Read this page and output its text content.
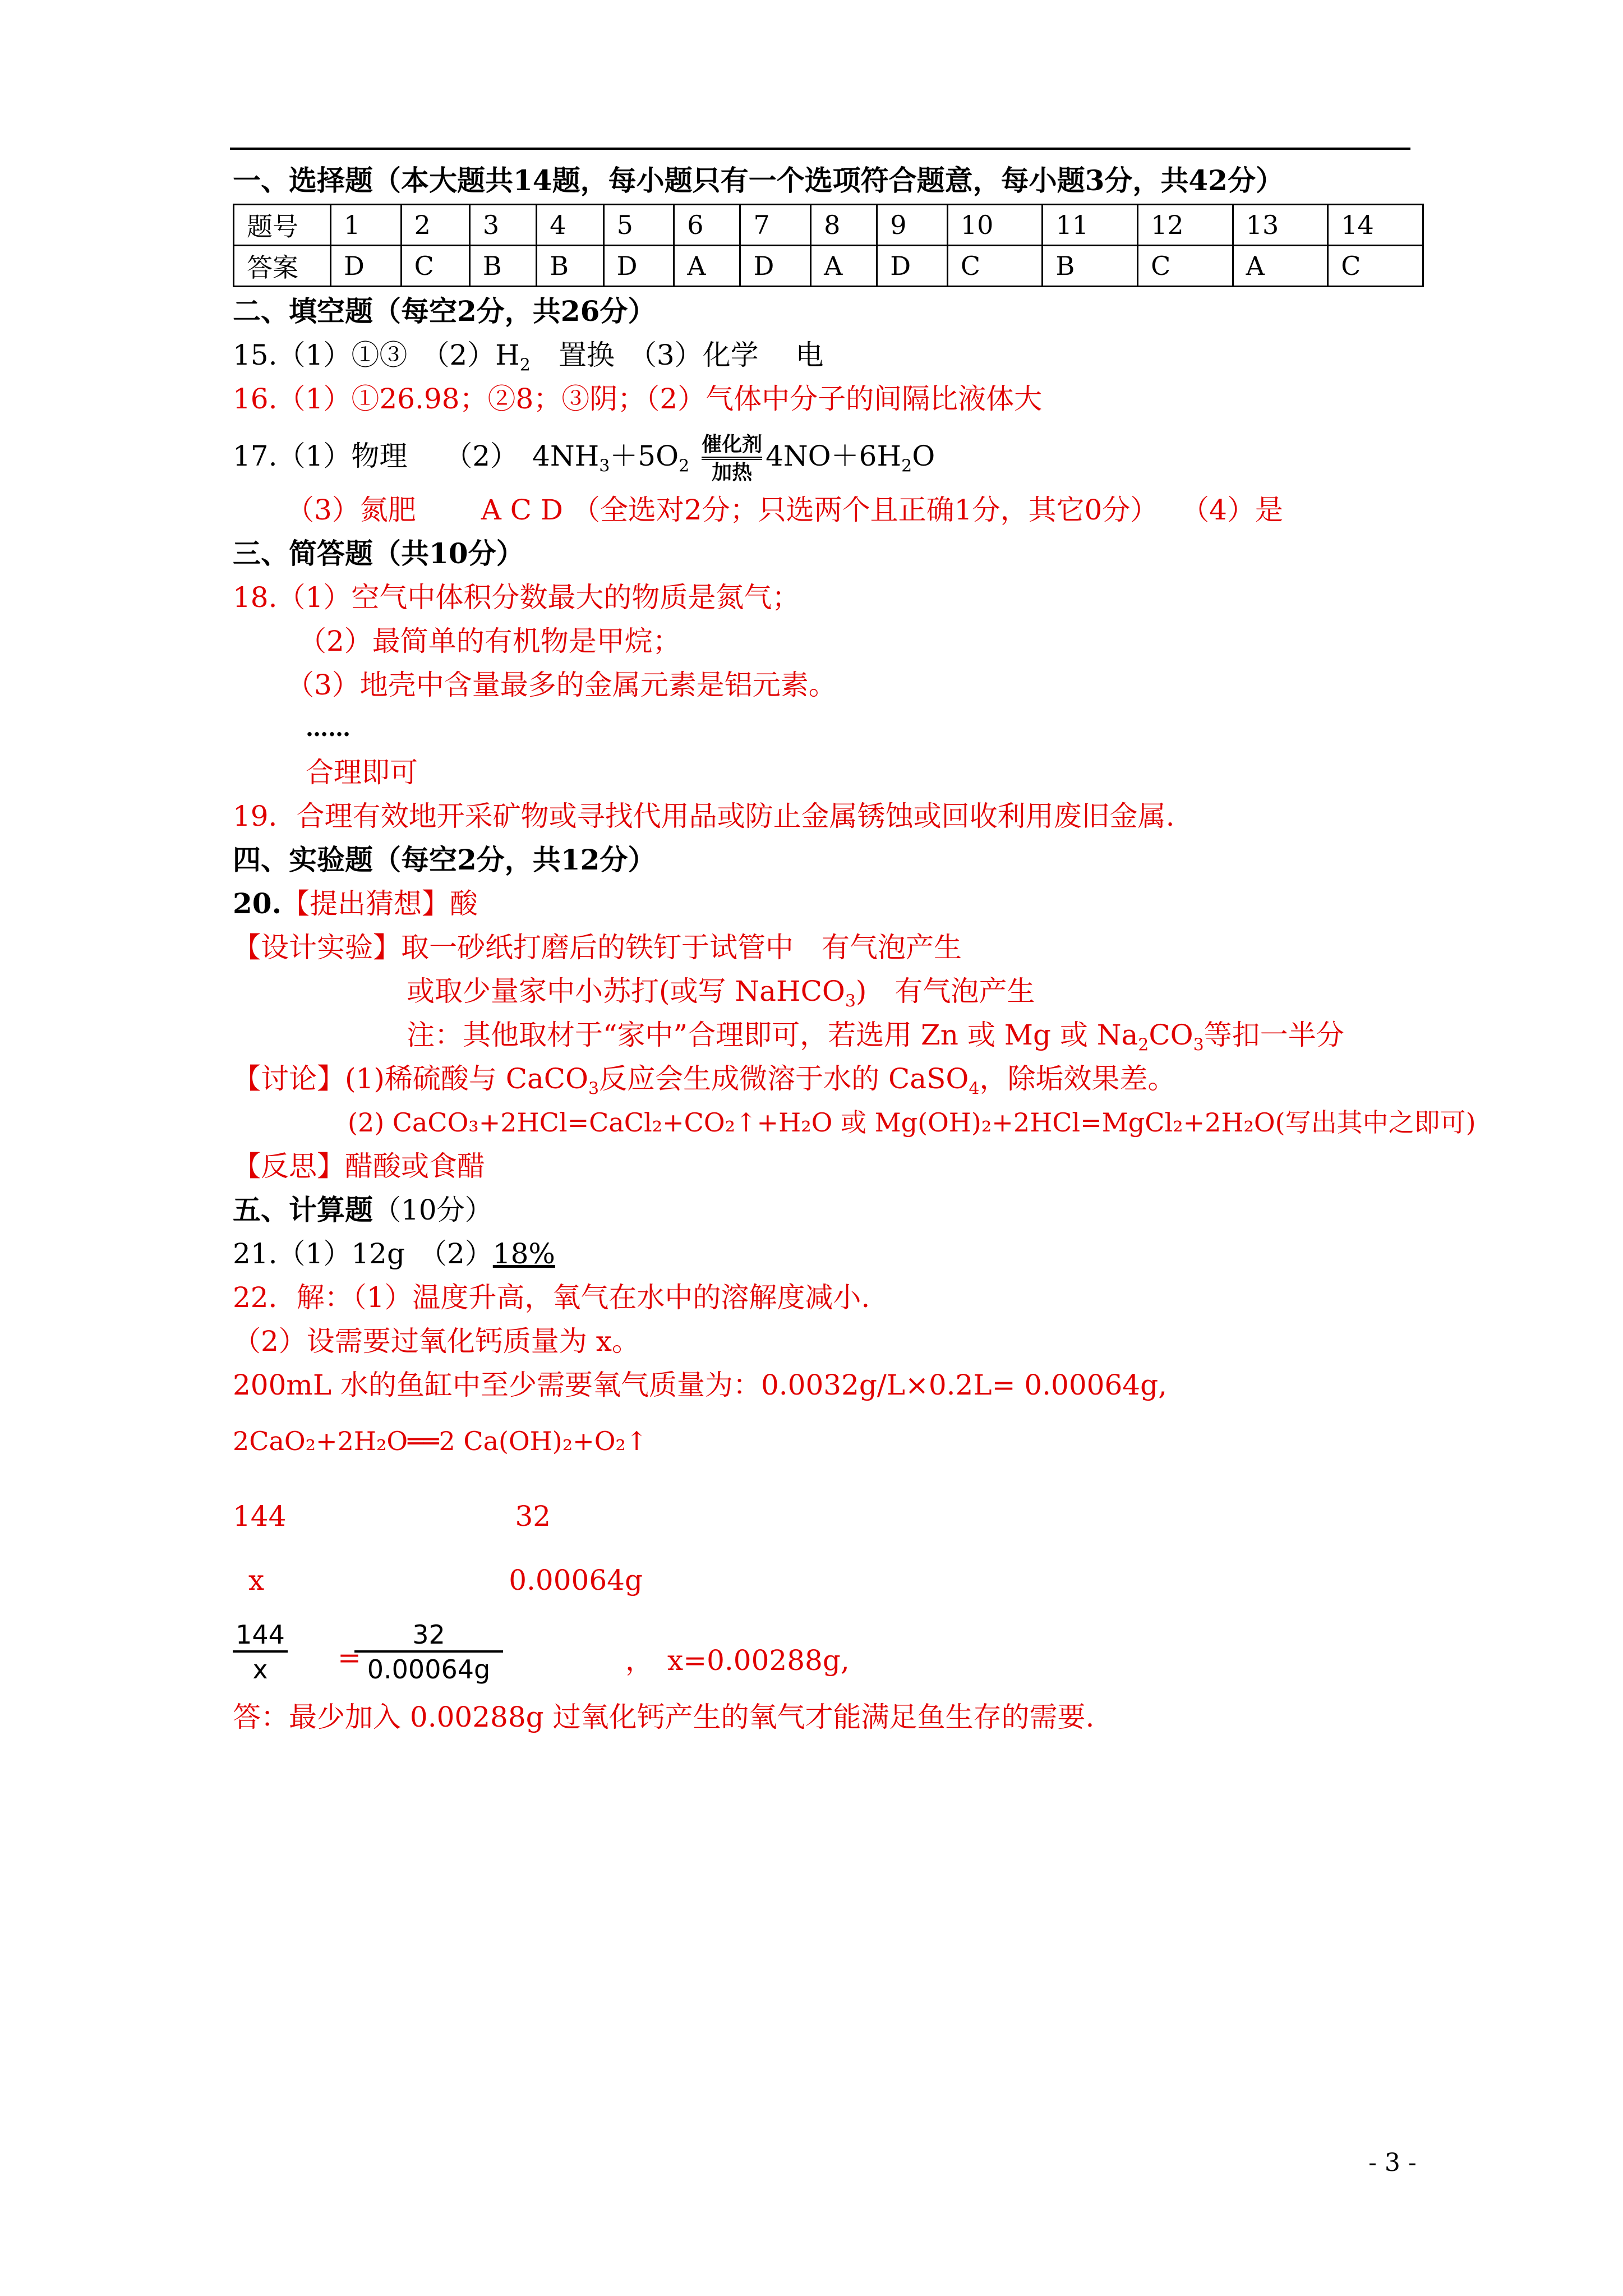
一、选择题（本大题共14题，每小题只有一个选项符合题意，每小题3分，共42分）
题号	1	2	3	4	5	6	7	8	9	10	11	12	13	14
答案	D	C	B	B	D	A	D	A	D	C	B	C	A	C
二、填空题（每空2分，共26分）
15.（1）①③　$(2)H_2$　置换　（3）化学　 电
16.（1）①26.98；②8；③阴；（2）气体中分子的间隔比液体大
17.（1）物理　 （2）　$4NH_3+5O_2$
催化剂
加热 $4NO+6H_2O$
（3）氮肥　　 A C D （全选对2分；只选两个且正确1分，其它0分）　 （4）是
三、简答题（共10分）
18.（1）空气中体积分数最大的物质是氮气；
（2）最简单的有机物是甲烷；
（3）地壳中含量最多的金属元素是铝元素。
……
合理即可
19．合理有效地开采矿物或寻找代用品或防止金属锈蚀或回收利用废旧金属.
四、实验题（每空2分，共12分）
20.【提出猜想】酸
【设计实验】取一砂纸打磨后的铁钉于试管中　有气泡产生
或取少量家中小苏打(或写 NaHCO$_3$)　有气泡产生
注：其他取材于“家中”合理即可，若选用 Zn 或 Mg 或 $Na_2CO_3$等扣一半分
【讨论】(1)稀硫酸与 CaCO$_3$反应会生成微溶于水的 CaSO$_4$，除垢效果差。
(2) CaCO₃+2HCl=CaCl₂+CO₂↑+H₂O 或 Mg(OH)₂+2HCl=MgCl₂+2H₂O(写出其中之即可)
【反思】醋酸或食醋
五、计算题（10分）
21.（1）12g　（2）18%
22．解：（1）温度升高，氧气在水中的溶解度减小.
（2）设需要过氧化钙质量为 x。
200mL 水的鱼缸中至少需要氧气质量为：0.0032g/L×0.2L= 0.00064g,
2CaO₂+2H₂O══2 Ca(OH)₂+O₂↑
144	32
x	0.00064g
144
x	=
32
0.00064g	，　x=0.00288g,
答：最少加入 0.00288g 过氧化钙产生的氧气才能满足鱼生存的需要.
- 3 -
